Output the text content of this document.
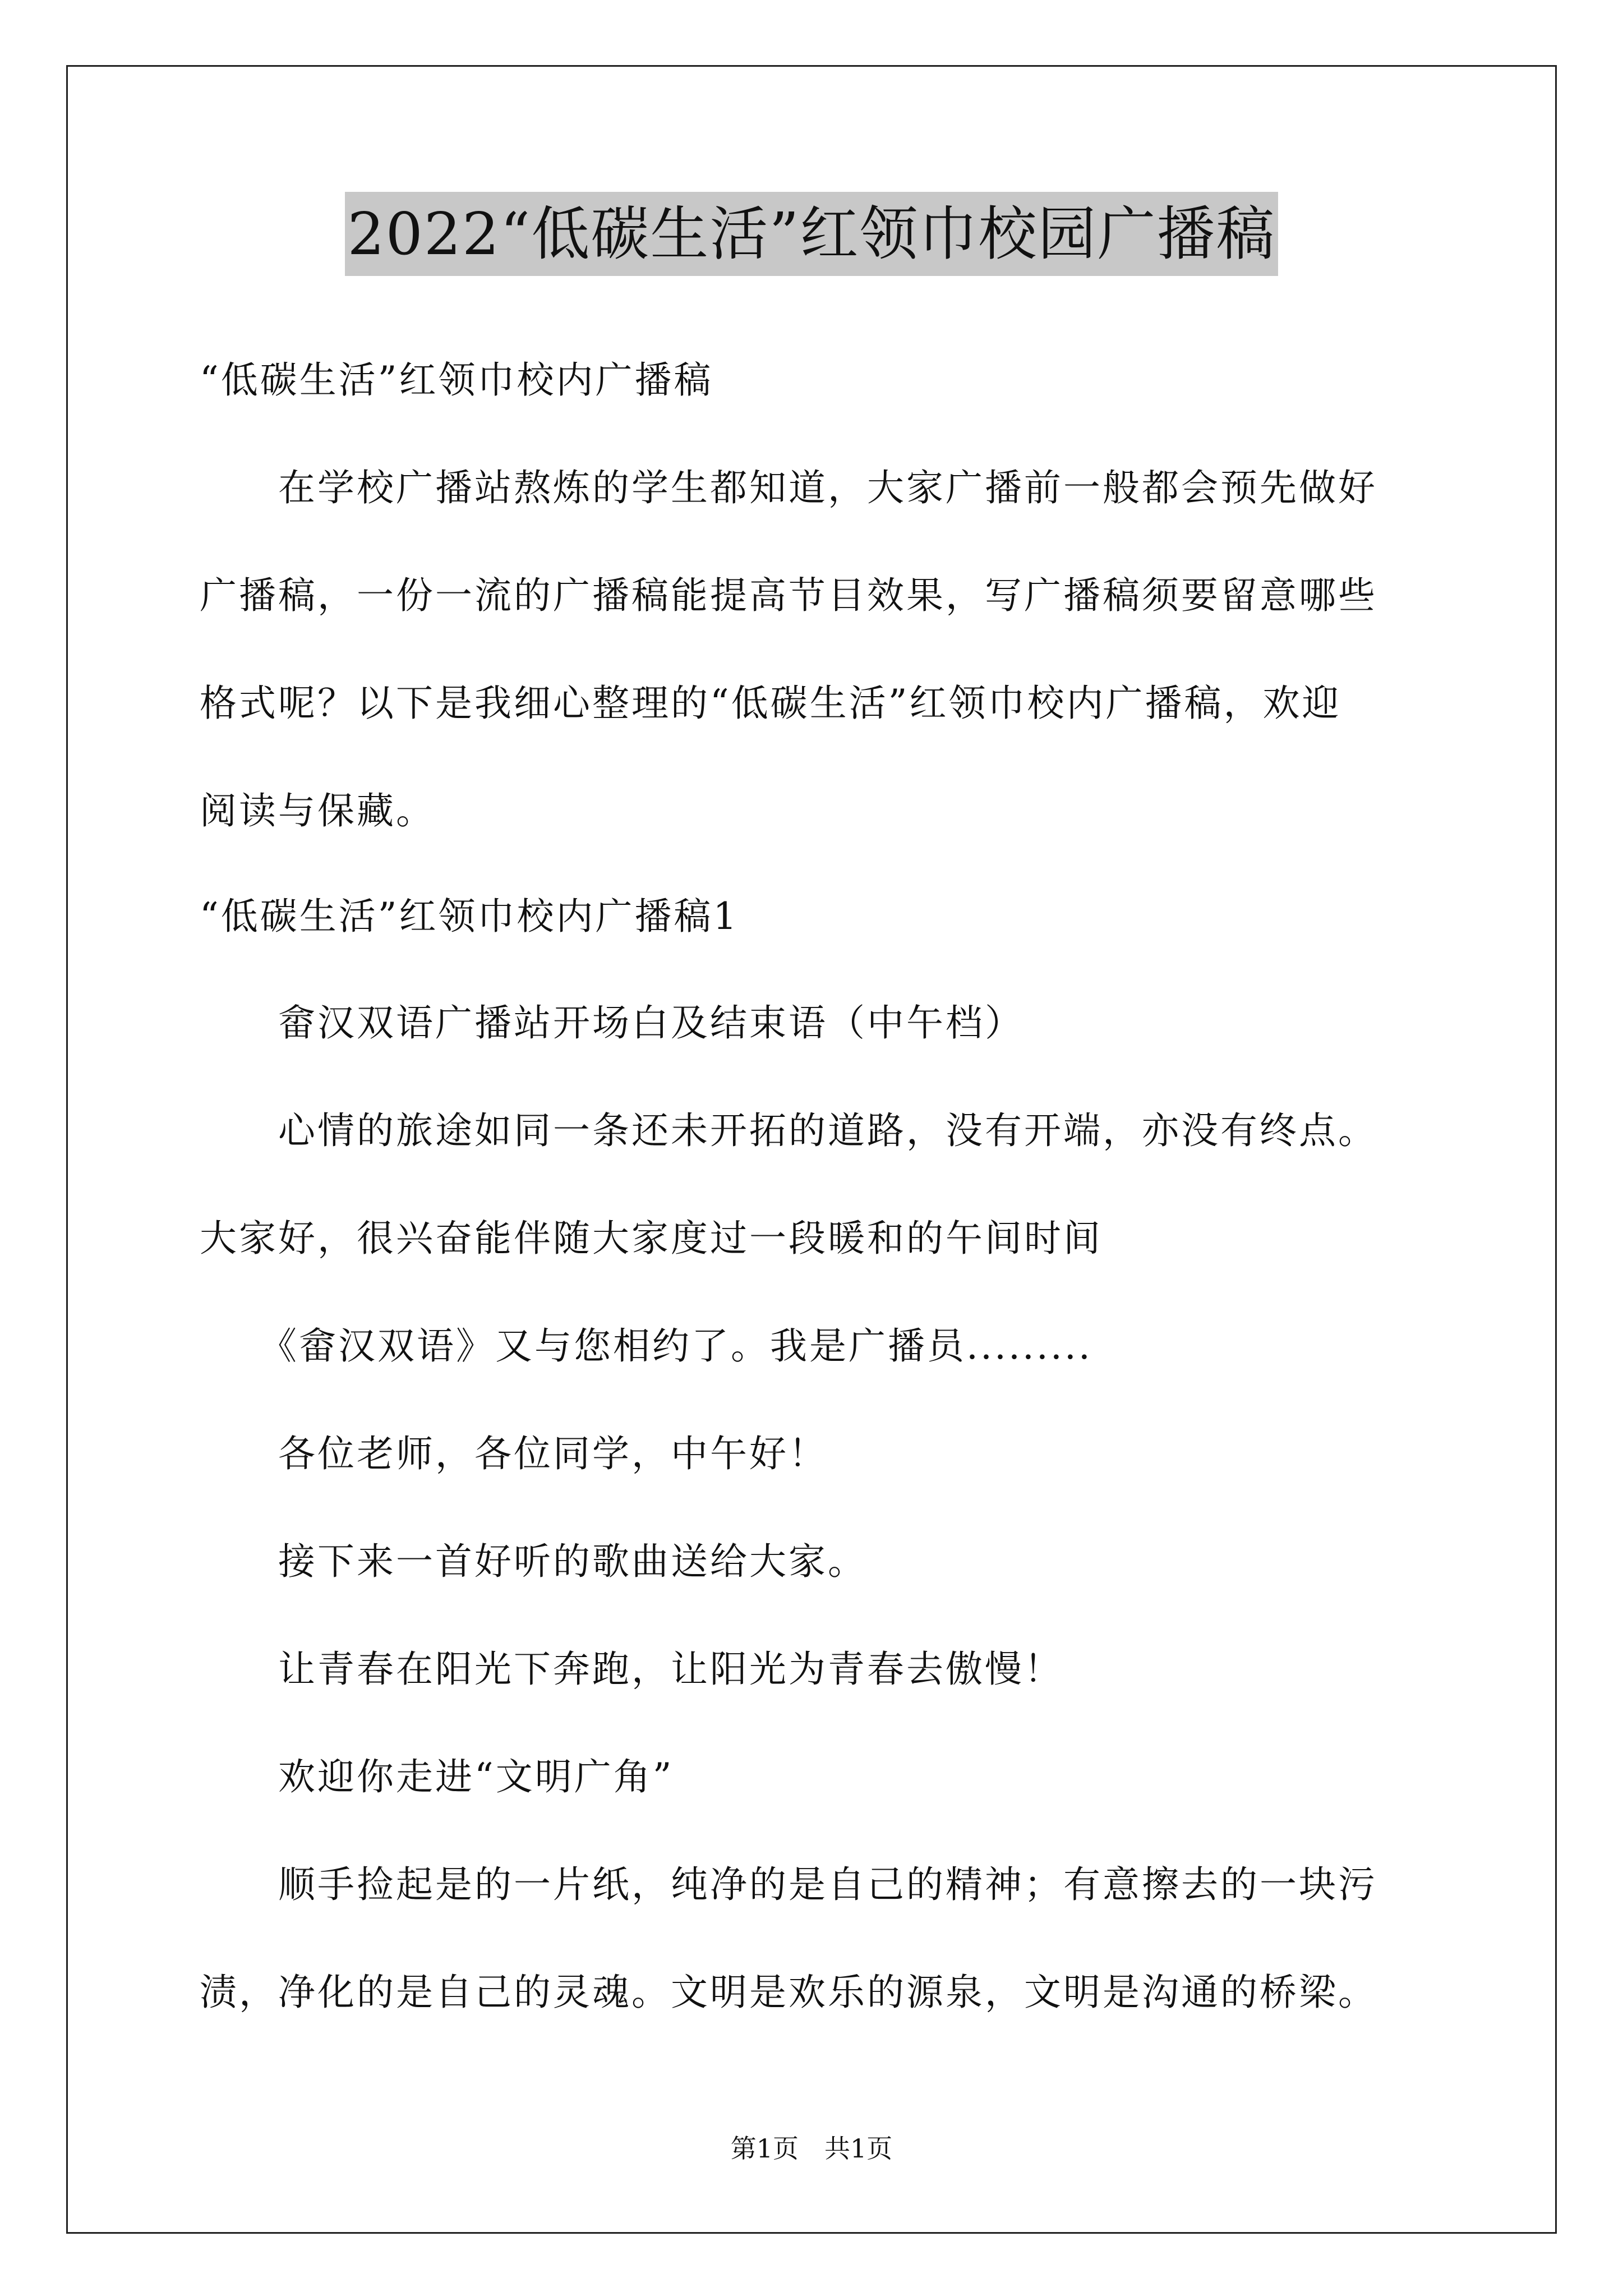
2022“低碳生活”红领巾校园广播稿
“低碳生活”红领巾校内广播稿
　　在学校广播站熬炼的学生都知道，大家广播前一般都会预先做好
广播稿，一份一流的广播稿能提高节目效果，写广播稿须要留意哪些
格式呢？以下是我细心整理的“低碳生活”红领巾校内广播稿，欢迎
阅读与保藏。
“低碳生活”红领巾校内广播稿1
　　畲汉双语广播站开场白及结束语（中午档）
　　心情的旅途如同一条还未开拓的道路，没有开端，亦没有终点。
大家好，很兴奋能伴随大家度过一段暖和的午间时间
　　《畲汉双语》又与您相约了。我是广播员.........
　　各位老师，各位同学，中午好！
　　接下来一首好听的歌曲送给大家。
　　让青春在阳光下奔跑，让阳光为青春去傲慢！
　　欢迎你走进“文明广角”
　　顺手捡起是的一片纸，纯净的是自己的精神；有意擦去的一块污
渍，净化的是自己的灵魂。文明是欢乐的源泉，文明是沟通的桥梁。
第1页　共1页
